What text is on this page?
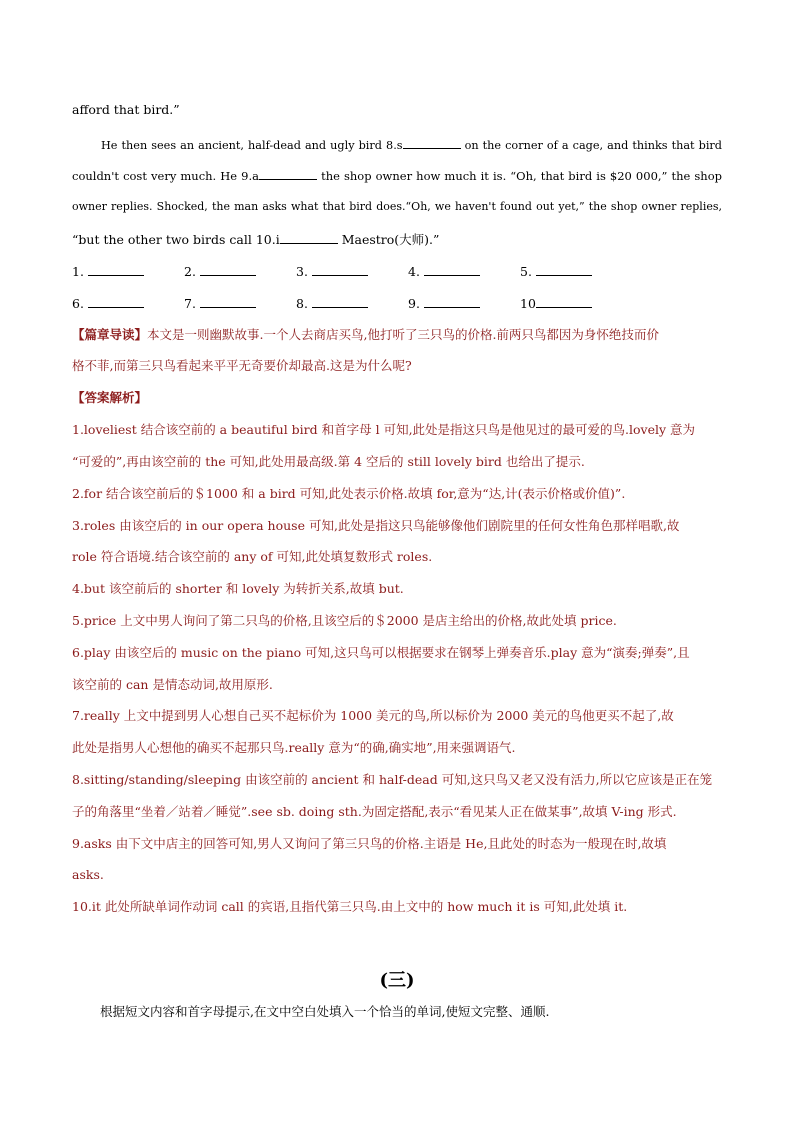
afford that bird.”
He then sees an ancient, half-dead and ugly bird 8.s	on the corner of a cage, and thinks that bird
couldn't cost very much. He 9.a	the shop owner how much it is. “Oh, that bird is $20 000,” the shop
owner replies. Shocked, the man asks what that bird does.“Oh, we haven't found out yet,” the shop owner replies,
“but the other two birds call 10.i	Maestro(大师).”
1.	2.	3.	4.	5.
6.	7.	8.	9.	10
【篇章导读】本文是一则幽默故事.一个人去商店买鸟,他打听了三只鸟的价格.前两只鸟都因为身怀绝技而价
格不菲,而第三只鸟看起来平平无奇要价却最高.这是为什么呢?
【答案解析】
1.loveliest 结合该空前的 a beautiful bird 和首字母 l 可知,此处是指这只鸟是他见过的最可爱的鸟.lovely 意为
“可爱的”,再由该空前的 the 可知,此处用最高级.第 4 空后的 still lovely bird 也给出了提示.
2.for 结合该空前后的＄1000 和 a bird 可知,此处表示价格.故填 for,意为“达,计(表示价格或价值)”.
3.roles 由该空后的 in our opera house 可知,此处是指这只鸟能够像他们剧院里的任何女性角色那样唱歌,故
role 符合语境.结合该空前的 any of 可知,此处填复数形式 roles.
4.but 该空前后的 shorter 和 lovely 为转折关系,故填 but.
5.price 上文中男人询问了第二只鸟的价格,且该空后的＄2000 是店主给出的价格,故此处填 price.
6.play 由该空后的 music on the piano 可知,这只鸟可以根据要求在钢琴上弹奏音乐.play 意为“演奏;弹奏”,且
该空前的 can 是情态动词,故用原形.
7.really 上文中提到男人心想自己买不起标价为 1000 美元的鸟,所以标价为 2000 美元的鸟他更买不起了,故
此处是指男人心想他的确买不起那只鸟.really 意为“的确,确实地”,用来强调语气.
8.sitting/standing/sleeping 由该空前的 ancient 和 half-dead 可知,这只鸟又老又没有活力,所以它应该是正在笼
子的角落里“坐着／站着／睡觉”.see sb. doing sth.为固定搭配,表示“看见某人正在做某事”,故填 V-ing 形式.
9.asks 由下文中店主的回答可知,男人又询问了第三只鸟的价格.主语是 He,且此处的时态为一般现在时,故填
asks.
10.it 此处所缺单词作动词 call 的宾语,且指代第三只鸟.由上文中的 how much it is 可知,此处填 it.
(三)
根据短文内容和首字母提示,在文中空白处填入一个恰当的单词,使短文完整、通顺.
